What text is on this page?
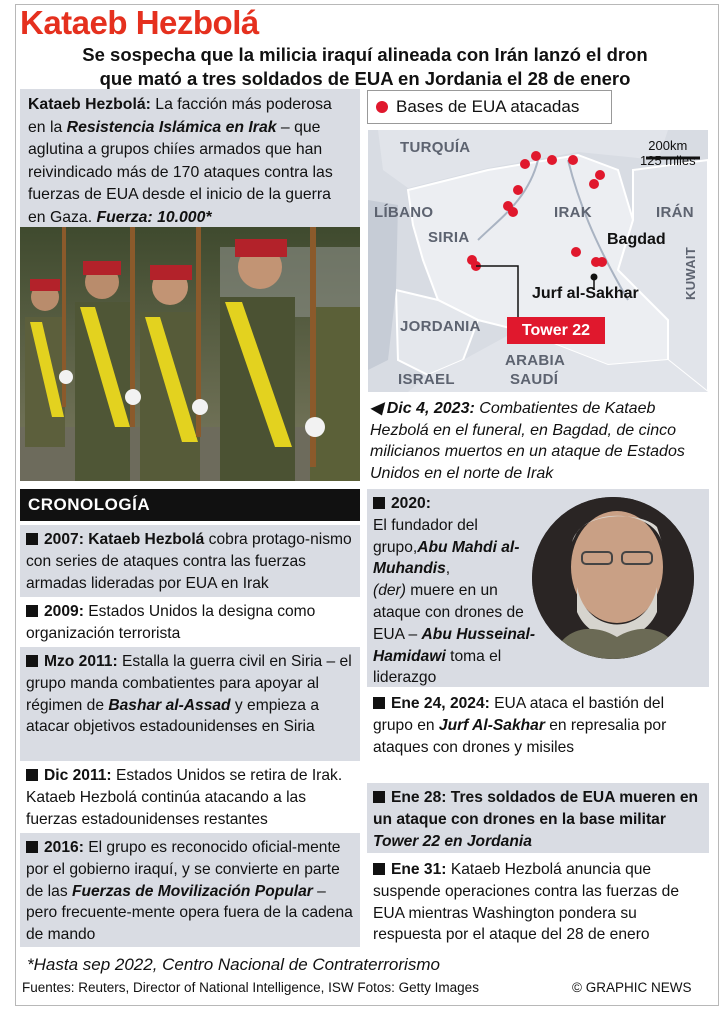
Kataeb Hezbolá
Se sospecha que la milicia iraquí alineada con Irán lanzó el dron
que mató a tres soldados de EUA en Jordania el 28 de enero
Kataeb Hezbolá: La facción más poderosa en la Resistencia Islámica en Irak – que aglutina a grupos chiíes armados que han reivindicado más de 170 ataques contra las fuerzas de EUA desde el inicio de la guerra en Gaza. Fuerza: 10.000*
Bases de EUA atacadas
TURQUÍA
LÍBANO
SIRIA
IRAK	IRÁN
JORDANIA
ARABIA
SAUDÍ
ISRAEL
KUWAIT
Bagdad
Jurf al-Sakhar
Tower 22
200km
125 miles
◀ Dic 4, 2023: Combatientes de Kataeb Hezbolá en el funeral, en Bagdad, de cinco milicianos muertos en un ataque de Estados Unidos en el norte de Irak
CRONOLOGÍA
2007: Kataeb Hezbolá cobra protago-nismo con series de ataques contra las fuerzas armadas lideradas por EUA en Irak
2009: Estados Unidos la designa como organización terrorista
Mzo 2011: Estalla la guerra civil en Siria – el grupo manda combatientes para apoyar al régimen de Bashar al-Assad y empieza a atacar objetivos estadounidenses en Siria
Dic 2011: Estados Unidos se retira de Irak. Kataeb Hezbolá continúa atacando a las fuerzas estadounidenses restantes
2016: El grupo es reconocido oficial-mente por el gobierno iraquí, y se convierte en parte de las Fuerzas de Movilización Popular – pero frecuente-mente opera fuera de la cadena de mando
2020:
El fundador del grupo,Abu Mahdi al-Muhandis,
(der) muere en un ataque con drones de EUA – Abu Husseinal-Hamidawi toma el liderazgo
Ene 24, 2024: EUA ataca el bastión del grupo en Jurf Al-Sakhar en represalia por ataques con drones y misiles
Ene 28: Tres soldados de EUA mueren en un ataque con drones en la base militar Tower 22 en Jordania
Ene 31: Kataeb Hezbolá anuncia que suspende operaciones contra las fuerzas de EUA mientras Washington pondera su respuesta por el ataque del 28 de enero
*Hasta sep 2022, Centro Nacional de Contraterrorismo
Fuentes: Reuters, Director of National Intelligence, ISW Fotos: Getty Images	© GRAPHIC NEWS
